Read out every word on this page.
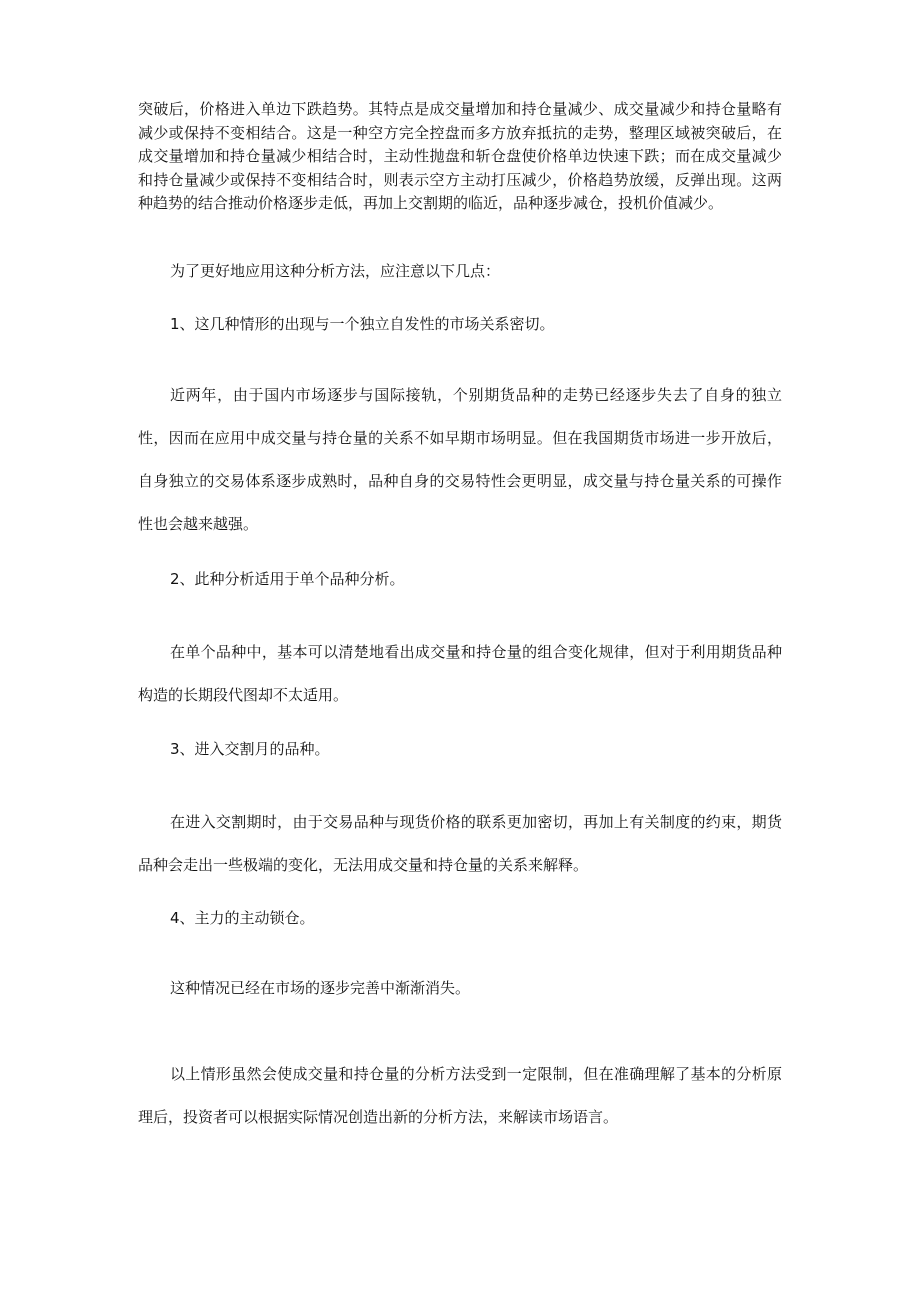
突破后，价格进入单边下跌趋势。其特点是成交量增加和持仓量减少、成交量减少和持仓量略有减少或保持不变相结合。这是一种空方完全控盘而多方放弃抵抗的走势，整理区域被突破后，在成交量增加和持仓量减少相结合时，主动性抛盘和斩仓盘使价格单边快速下跌；而在成交量减少和持仓量减少或保持不变相结合时，则表示空方主动打压减少，价格趋势放缓，反弹出现。这两种趋势的结合推动价格逐步走低，再加上交割期的临近，品种逐步减仓，投机价值减少。

为了更好地应用这种分析方法，应注意以下几点：

1、这几种情形的出现与一个独立自发性的市场关系密切。

近两年，由于国内市场逐步与国际接轨，个别期货品种的走势已经逐步失去了自身的独立性，因而在应用中成交量与持仓量的关系不如早期市场明显。但在我国期货市场进一步开放后，自身独立的交易体系逐步成熟时，品种自身的交易特性会更明显，成交量与持仓量关系的可操作性也会越来越强。

2、此种分析适用于单个品种分析。

在单个品种中，基本可以清楚地看出成交量和持仓量的组合变化规律，但对于利用期货品种构造的长期段代图却不太适用。

3、进入交割月的品种。

在进入交割期时，由于交易品种与现货价格的联系更加密切，再加上有关制度的约束，期货品种会走出一些极端的变化，无法用成交量和持仓量的关系来解释。

4、主力的主动锁仓。

这种情况已经在市场的逐步完善中渐渐消失。

以上情形虽然会使成交量和持仓量的分析方法受到一定限制，但在准确理解了基本的分析原理后，投资者可以根据实际情况创造出新的分析方法，来解读市场语言。
